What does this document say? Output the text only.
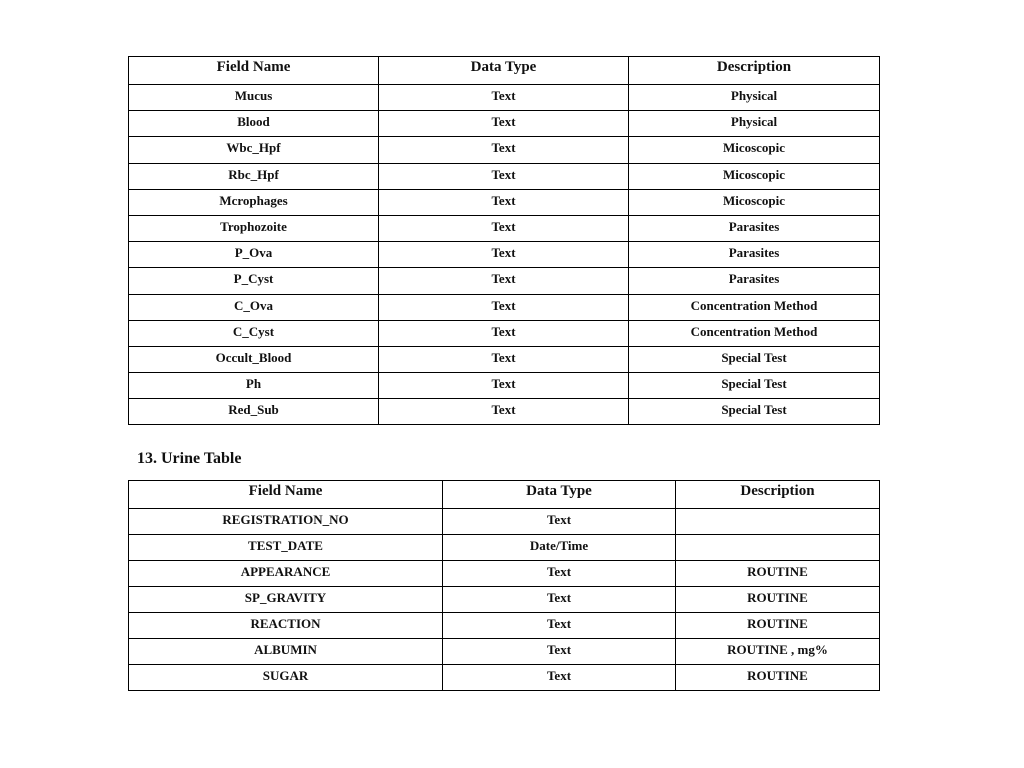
Field Name	Data Type	Description
Mucus	Text	Physical
Blood	Text	Physical
Wbc_Hpf	Text	Micoscopic
Rbc_Hpf	Text	Micoscopic
Mcrophages	Text	Micoscopic
Trophozoite	Text	Parasites
P_Ova	Text	Parasites
P_Cyst	Text	Parasites
C_Ova	Text	Concentration Method
C_Cyst	Text	Concentration Method
Occult_Blood	Text	Special Test
Ph	Text	Special Test
Red_Sub	Text	Special Test
13. Urine Table
Field Name	Data Type	Description
REGISTRATION_NO	Text	
TEST_DATE	Date/Time	
APPEARANCE	Text	ROUTINE
SP_GRAVITY	Text	ROUTINE
REACTION	Text	ROUTINE
ALBUMIN	Text	ROUTINE , mg%
SUGAR	Text	ROUTINE
